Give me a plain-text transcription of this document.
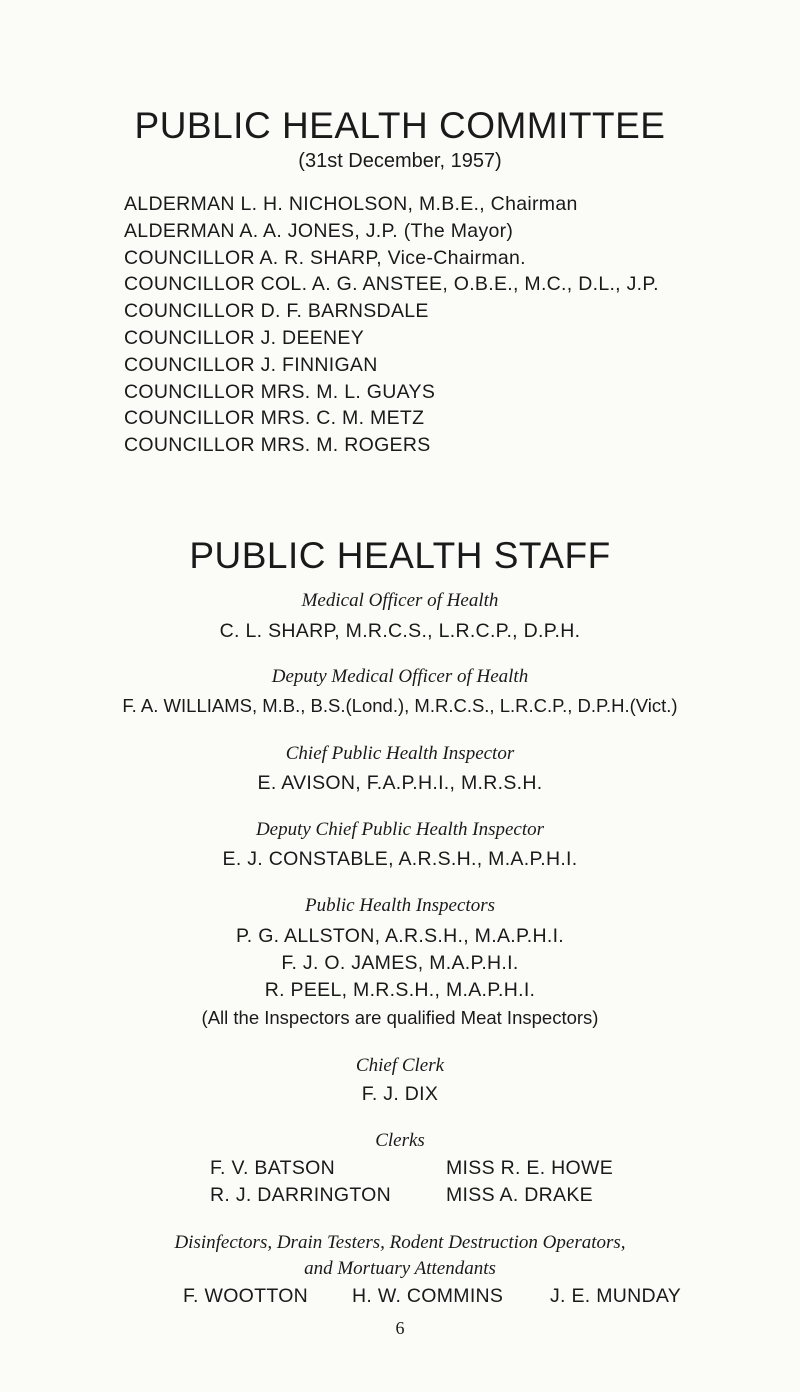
PUBLIC HEALTH COMMITTEE
(31st December, 1957)
ALDERMAN L. H. NICHOLSON, M.B.E., Chairman
ALDERMAN A. A. JONES, J.P. (The Mayor)
COUNCILLOR A. R. SHARP, Vice-Chairman.
COUNCILLOR COL. A. G. ANSTEE, O.B.E., M.C., D.L., J.P.
COUNCILLOR D. F. BARNSDALE
COUNCILLOR J. DEENEY
COUNCILLOR J. FINNIGAN
COUNCILLOR MRS. M. L. GUAYS
COUNCILLOR MRS. C. M. METZ
COUNCILLOR MRS. M. ROGERS
PUBLIC HEALTH STAFF
Medical Officer of Health
C. L. SHARP, M.R.C.S., L.R.C.P., D.P.H.
Deputy Medical Officer of Health
F. A. WILLIAMS, M.B., B.S.(Lond.), M.R.C.S., L.R.C.P., D.P.H.(Vict.)
Chief Public Health Inspector
E. AVISON, F.A.P.H.I., M.R.S.H.
Deputy Chief Public Health Inspector
E. J. CONSTABLE, A.R.S.H., M.A.P.H.I.
Public Health Inspectors
P. G. ALLSTON, A.R.S.H., M.A.P.H.I.
F. J. O. JAMES, M.A.P.H.I.
R. PEEL, M.R.S.H., M.A.P.H.I.
(All the Inspectors are qualified Meat Inspectors)
Chief Clerk
F. J. DIX
Clerks
F. V. BATSON
R. J. DARRINGTON
MISS R. E. HOWE
MISS A. DRAKE
Disinfectors, Drain Testers, Rodent Destruction Operators,
and Mortuary Attendants
F. WOOTTON H. W. COMMINS J. E. MUNDAY
6
